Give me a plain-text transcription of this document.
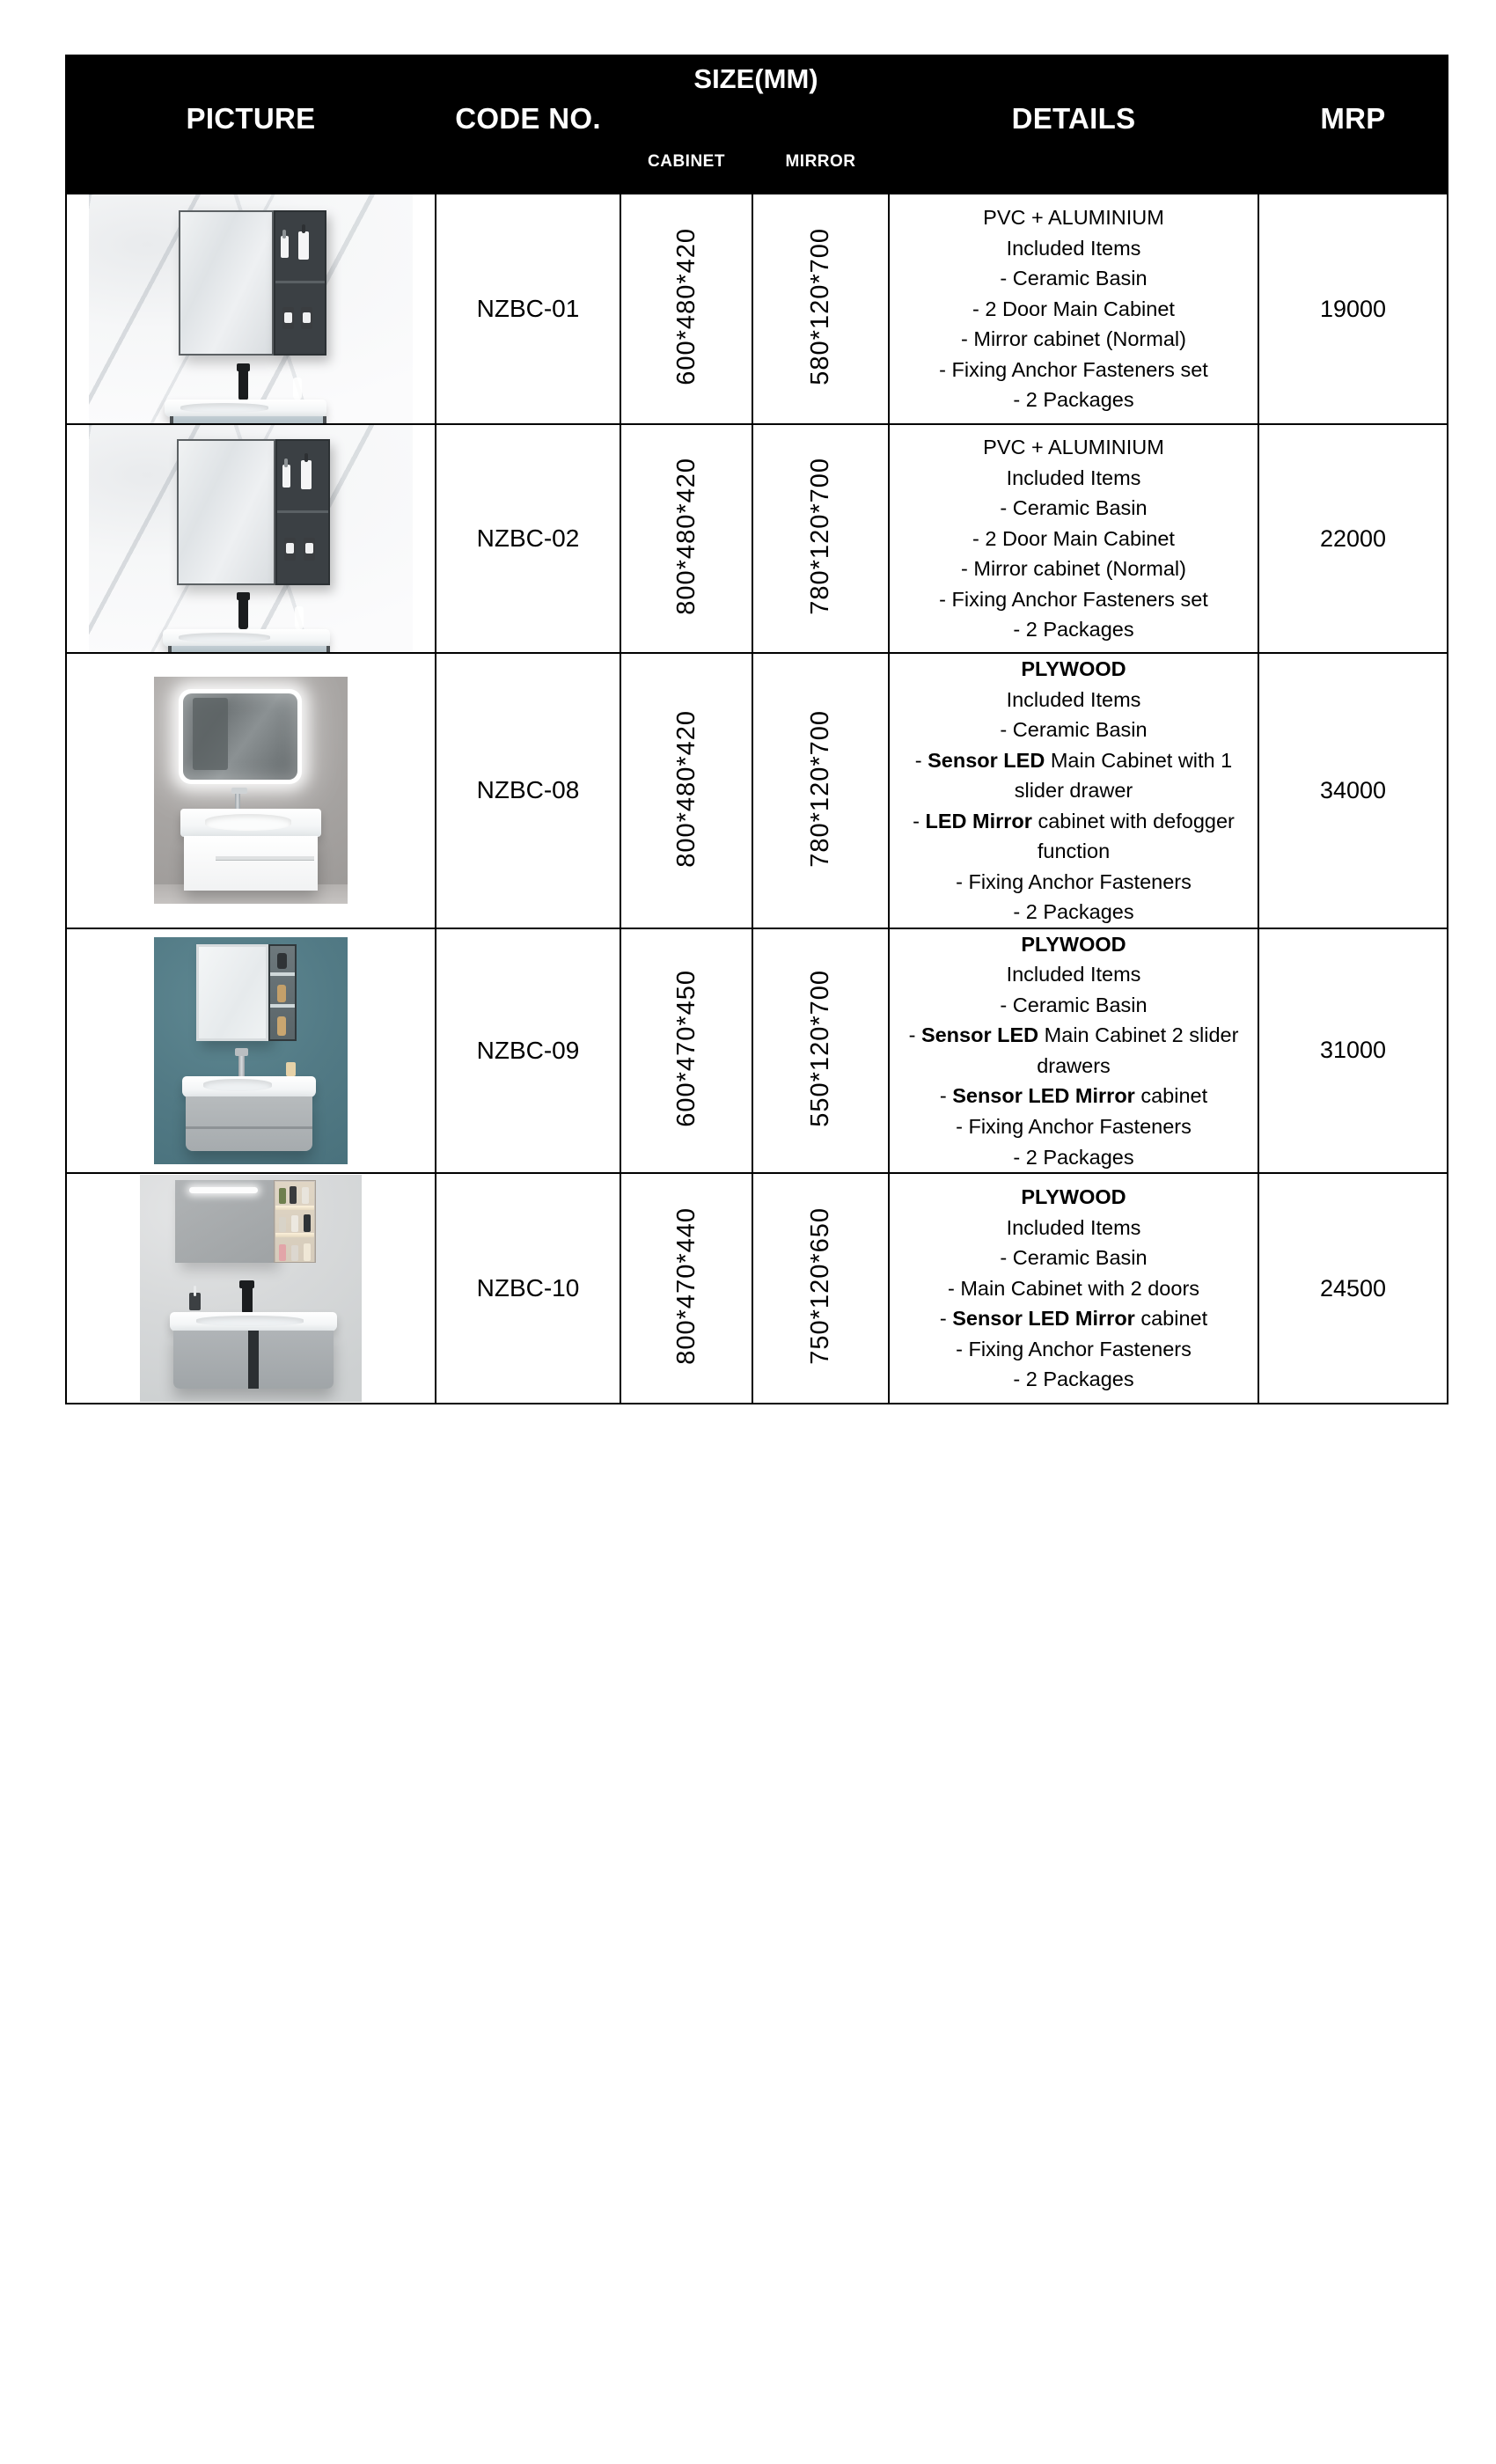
PICTURE	CODE NO.	SIZE(MM)
CABINET	MIRROR	DETAILS	MRP

	NZBC-01	600*480*420	580*120*700	PVC + ALUMINIUM
Included Items
- Ceramic Basin
- 2 Door Main Cabinet
- Mirror cabinet (Normal)
- Fixing Anchor Fasteners set
- 2 Packages	19000

	NZBC-02	800*480*420	780*120*700	PVC + ALUMINIUM
Included Items
- Ceramic Basin
- 2 Door Main Cabinet
- Mirror cabinet (Normal)
- Fixing Anchor Fasteners set
- 2 Packages	22000

	NZBC-08	800*480*420	780*120*700	PLYWOOD
Included Items
- Ceramic Basin
- Sensor LED Main Cabinet with 1 slider drawer
- LED Mirror cabinet with defogger function
- Fixing Anchor Fasteners
- 2 Packages	34000

	NZBC-09	600*470*450	550*120*700	PLYWOOD
Included Items
- Ceramic Basin
- Sensor LED Main Cabinet 2 slider drawers
- Sensor LED Mirror cabinet
- Fixing Anchor Fasteners
- 2 Packages	31000

	NZBC-10	800*470*440	750*120*650	PLYWOOD
Included Items
- Ceramic Basin
- Main Cabinet with 2 doors
- Sensor LED Mirror cabinet
- Fixing Anchor Fasteners
- 2 Packages	24500
